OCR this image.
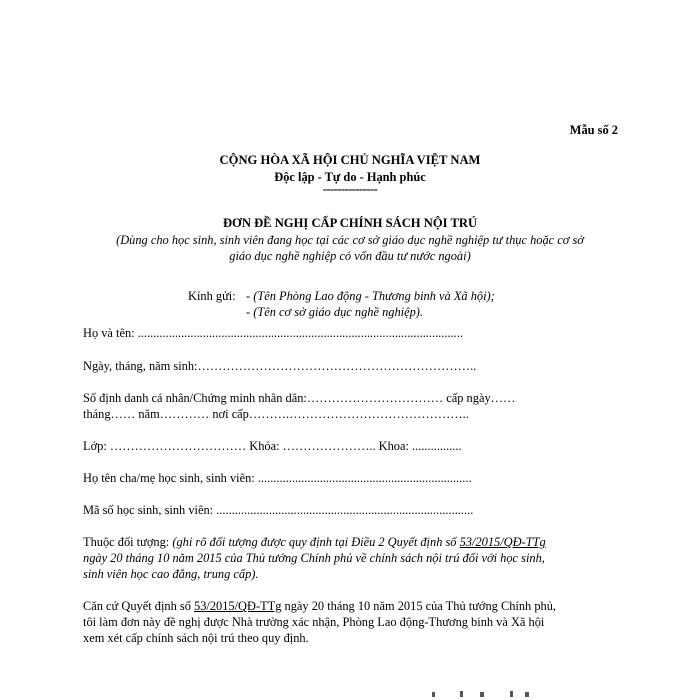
Mẫu số 2
CỘNG HÒA XÃ HỘI CHỦ NGHĨA VIỆT NAM
Độc lập - Tự do - Hạnh phúc
---------------
ĐƠN ĐỀ NGHỊ CẤP CHÍNH SÁCH NỘI TRÚ
(Dùng cho học sinh, sinh viên đang học tại các cơ sở giáo dục nghề nghiệp tư thục hoặc cơ sở
giáo dục nghề nghiệp có vốn đầu tư nước ngoài)
Kính gửi: - (Tên Phòng Lao động - Thương binh và Xã hội);
- (Tên cơ sở giáo dục nghề nghiệp).
Họ và tên: .........................................................................................................
Ngày, tháng, năm sinh:…………………………………………………………..
Số định danh cá nhân/Chứng minh nhân dân:…………………………… cấp ngày……
tháng…… năm………… nơi cấp……….……………………………………..
Lớp: …………………………… Khóa: ………………….. Khoa: ................
Họ tên cha/mẹ học sinh, sinh viên: .....................................................................
Mã số học sinh, sinh viên: ...................................................................................
Thuộc đối tượng: (ghi rõ đối tượng được quy định tại Điều 2 Quyết định số 53/2015/QĐ-TTg
ngày 20 tháng 10 năm 2015 của Thủ tướng Chính phủ về chính sách nội trú đối với học sinh,
sinh viên học cao đẳng, trung cấp).
Căn cứ Quyết định số 53/2015/QĐ-TTg ngày 20 tháng 10 năm 2015 của Thủ tướng Chính phủ,
tôi làm đơn này đề nghị được Nhà trường xác nhận, Phòng Lao động-Thương binh và Xã hội
xem xét cấp chính sách nội trú theo quy định.
